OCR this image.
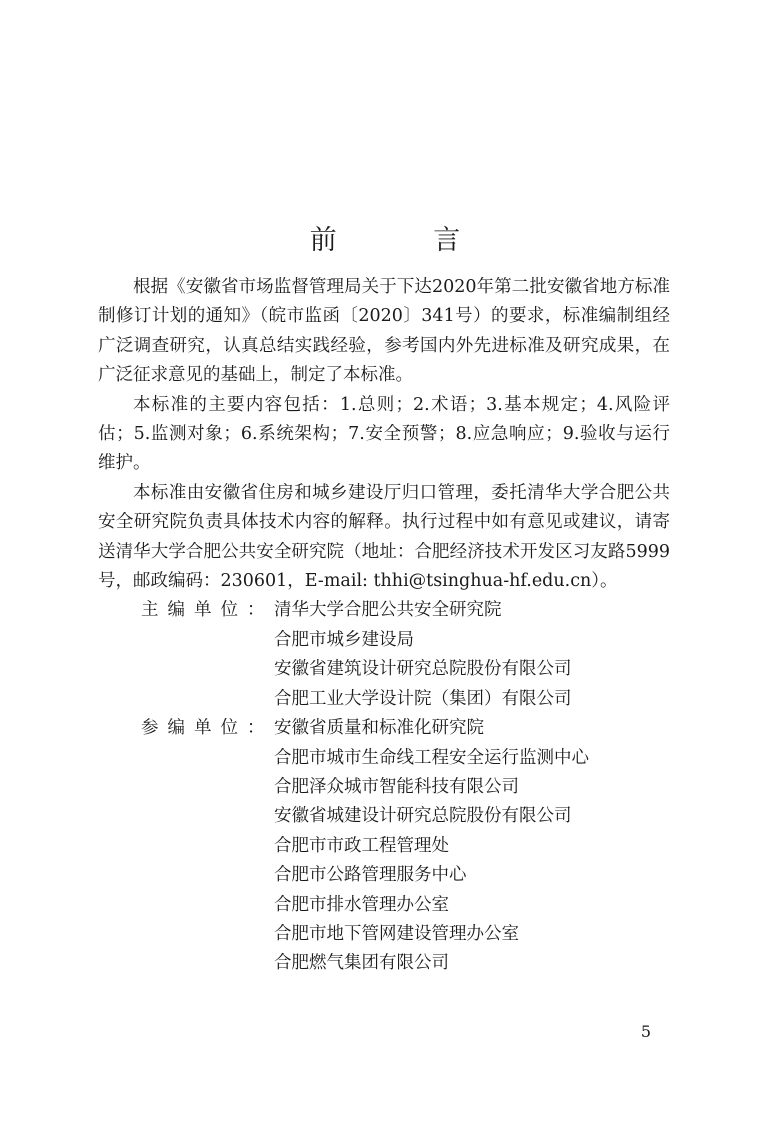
前 言

根据《安徽省市场监督管理局关于下达2020年第二批安徽省地方标准制修订计划的通知》（皖市监函〔2020〕341号）的要求，标准编制组经广泛调查研究，认真总结实践经验，参考国内外先进标准及研究成果，在广泛征求意见的基础上，制定了本标准。

本标准的主要内容包括：1.总则；2.术语；3.基本规定；4.风险评估；5.监测对象；6.系统架构；7.安全预警；8.应急响应；9.验收与运行维护。

本标准由安徽省住房和城乡建设厅归口管理，委托清华大学合肥公共安全研究院负责具体技术内容的解释。执行过程中如有意见或建议，请寄送清华大学合肥公共安全研究院（地址：合肥经济技术开发区习友路5999号，邮政编码：230601，E-mail: thhi@tsinghua-hf.edu.cn）。

主编单位： 清华大学合肥公共安全研究院
合肥市城乡建设局
安徽省建筑设计研究总院股份有限公司
合肥工业大学设计院（集团）有限公司
参编单位： 安徽省质量和标准化研究院
合肥市城市生命线工程安全运行监测中心
合肥泽众城市智能科技有限公司
安徽省城建设计研究总院股份有限公司
合肥市市政工程管理处
合肥市公路管理服务中心
合肥市排水管理办公室
合肥市地下管网建设管理办公室
合肥燃气集团有限公司
5
